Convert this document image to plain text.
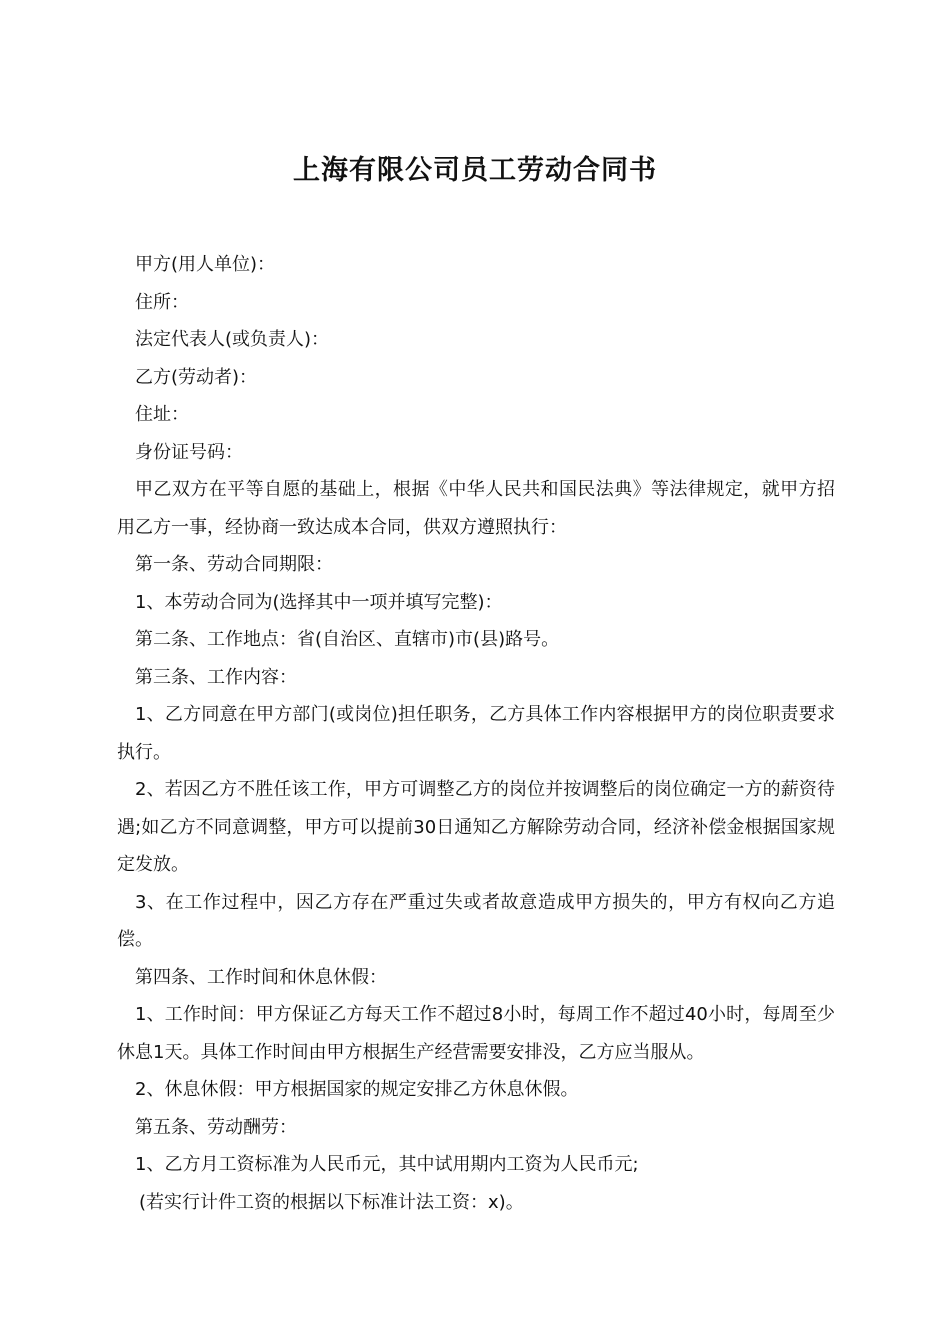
上海有限公司员工劳动合同书

甲方(用人单位)：

住所：

法定代表人(或负责人)：

乙方(劳动者)：

住址：

身份证号码：

甲乙双方在平等自愿的基础上，根据《中华人民共和国民法典》等法律规定，就甲方招用乙方一事，经协商一致达成本合同，供双方遵照执行：

第一条、劳动合同期限：

1、本劳动合同为(选择其中一项并填写完整)：

第二条、工作地点：省(自治区、直辖市)市(县)路号。

第三条、工作内容：

1、乙方同意在甲方部门(或岗位)担任职务，乙方具体工作内容根据甲方的岗位职责要求执行。

2、若因乙方不胜任该工作，甲方可调整乙方的岗位并按调整后的岗位确定一方的薪资待遇;如乙方不同意调整，甲方可以提前30日通知乙方解除劳动合同，经济补偿金根据国家规定发放。

3、在工作过程中，因乙方存在严重过失或者故意造成甲方损失的，甲方有权向乙方追偿。

第四条、工作时间和休息休假：

1、工作时间：甲方保证乙方每天工作不超过8小时，每周工作不超过40小时，每周至少休息1天。具体工作时间由甲方根据生产经营需要安排没，乙方应当服从。

2、休息休假：甲方根据国家的规定安排乙方休息休假。

第五条、劳动酬劳：

1、乙方月工资标准为人民币元，其中试用期内工资为人民币元;

(若实行计件工资的根据以下标准计法工资：x)。
